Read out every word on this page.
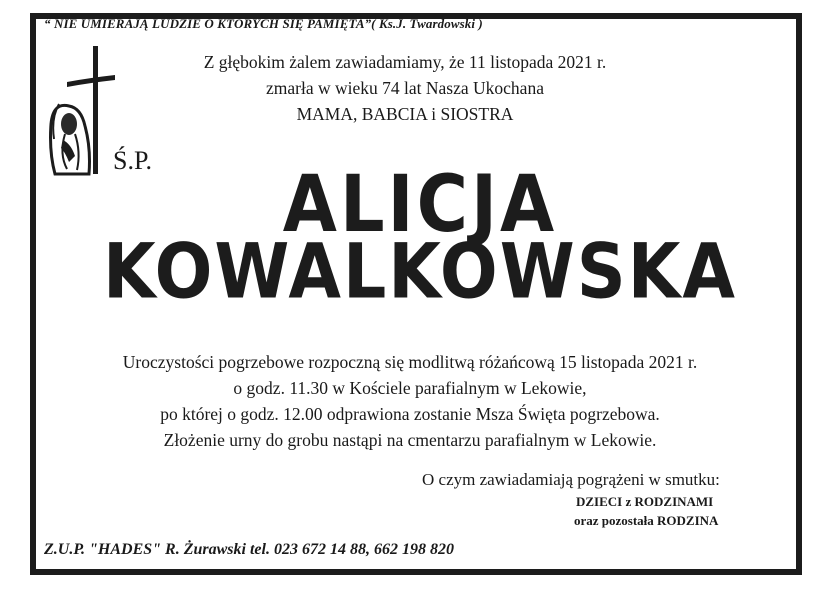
“ NIE UMIERAJĄ LUDZIE O KTÓRYCH SIĘ PAMIĘTA”( Ks.J. Twardowski )
Z głębokim żalem zawiadamiamy, że 11 listopada 2021 r.
zmarła w wieku 74 lat Nasza Ukochana
MAMA, BABCIA i SIOSTRA
Ś.P.	ALICJA
KOWALKOWSKA
Uroczystości pogrzebowe rozpoczną się modlitwą różańcową 15 listopada 2021 r.
o godz. 11.30 w Kościele parafialnym w Lekowie,
po której o godz. 12.00 odprawiona zostanie Msza Święta pogrzebowa.
Złożenie urny do grobu nastąpi na cmentarzu parafialnym w Lekowie.
O czym zawiadamiają pogrążeni w smutku:
DZIECI z RODZINAMI
oraz pozostała RODZINA
Z.U.P. "HADES" R. Żurawski tel. 023 672 14 88, 662 198 820
